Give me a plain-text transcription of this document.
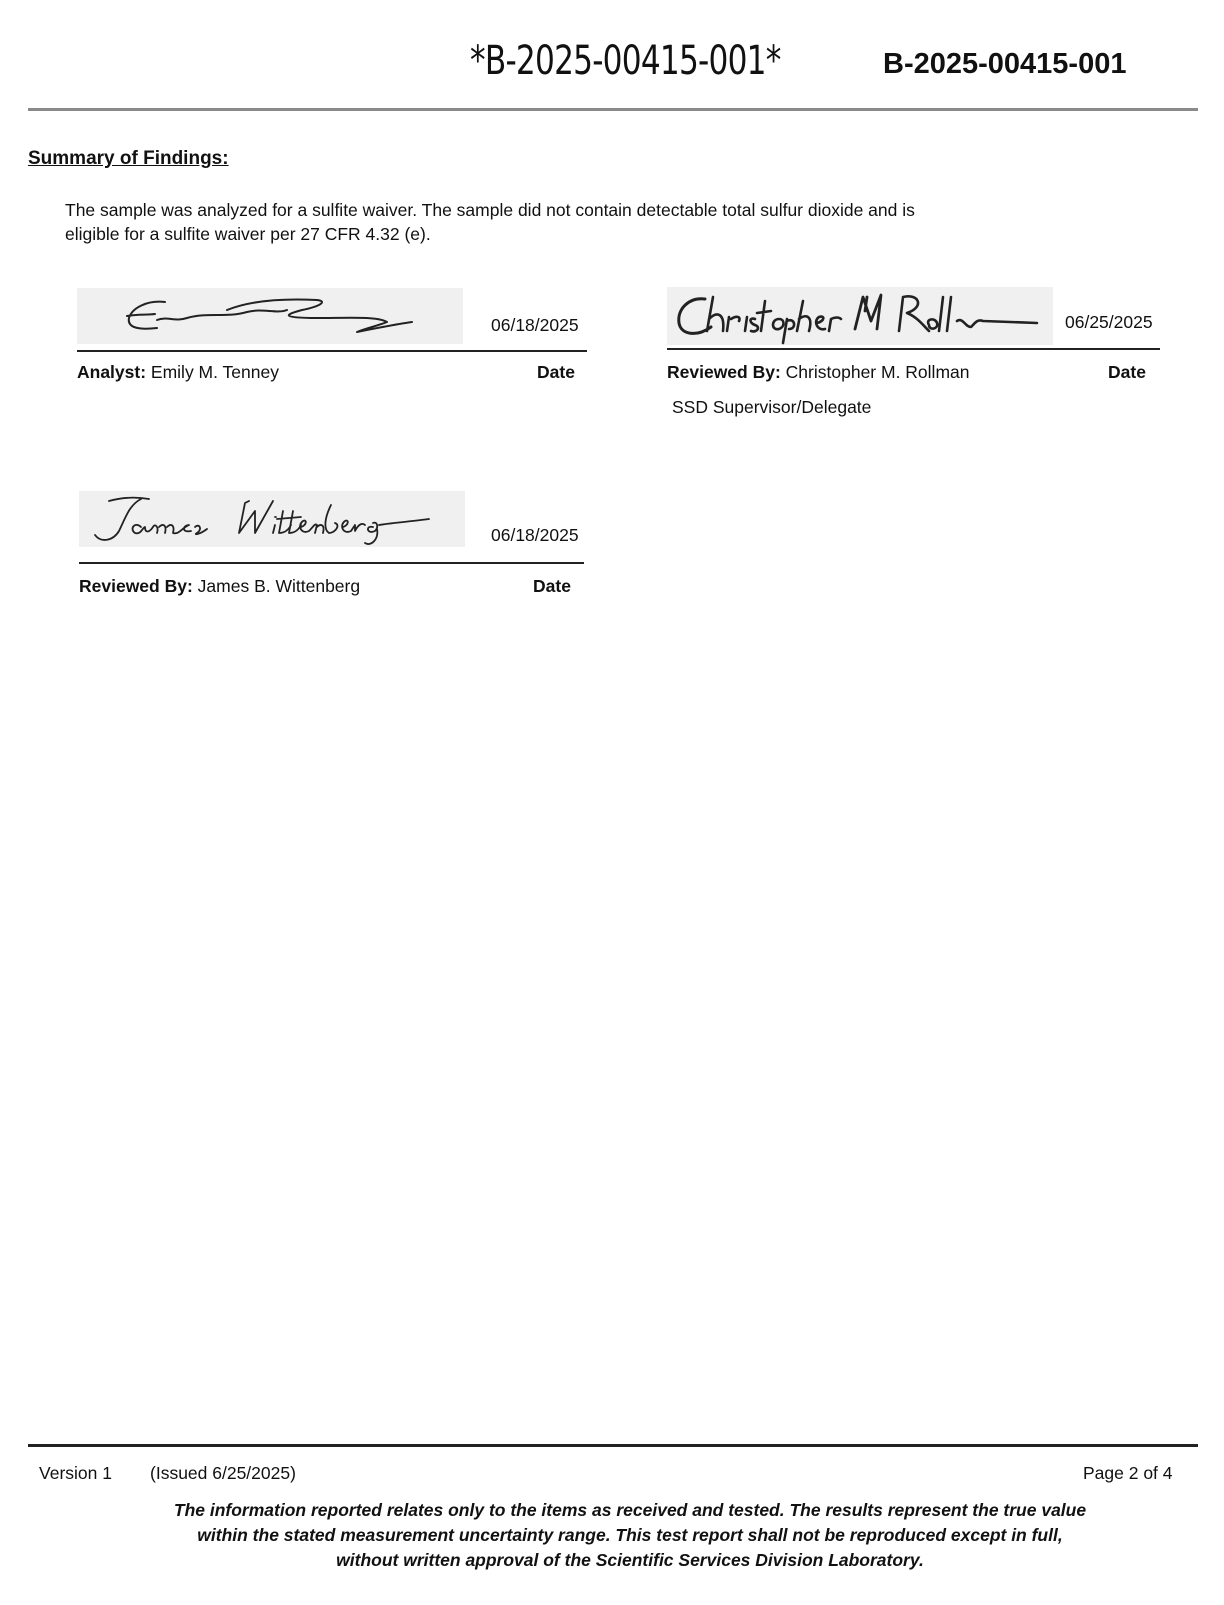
*B-2025-00415-001*	B-2025-00415-001
Summary of Findings:
The sample was analyzed for a sulfite waiver. The sample did not contain detectable total sulfur dioxide and is eligible for a sulfite waiver per 27 CFR 4.32 (e).
06/18/2025
Analyst: Emily M. Tenney	Date
06/25/2025
Reviewed By: Christopher M. Rollman	Date
SSD Supervisor/Delegate
06/18/2025
Reviewed By: James B. Wittenberg	Date
Version 1 (Issued 6/25/2025)	Page 2 of 4
The information reported relates only to the items as received and tested. The results represent the true value
within the stated measurement uncertainty range. This test report shall not be reproduced except in full,
without written approval of the Scientific Services Division Laboratory.
